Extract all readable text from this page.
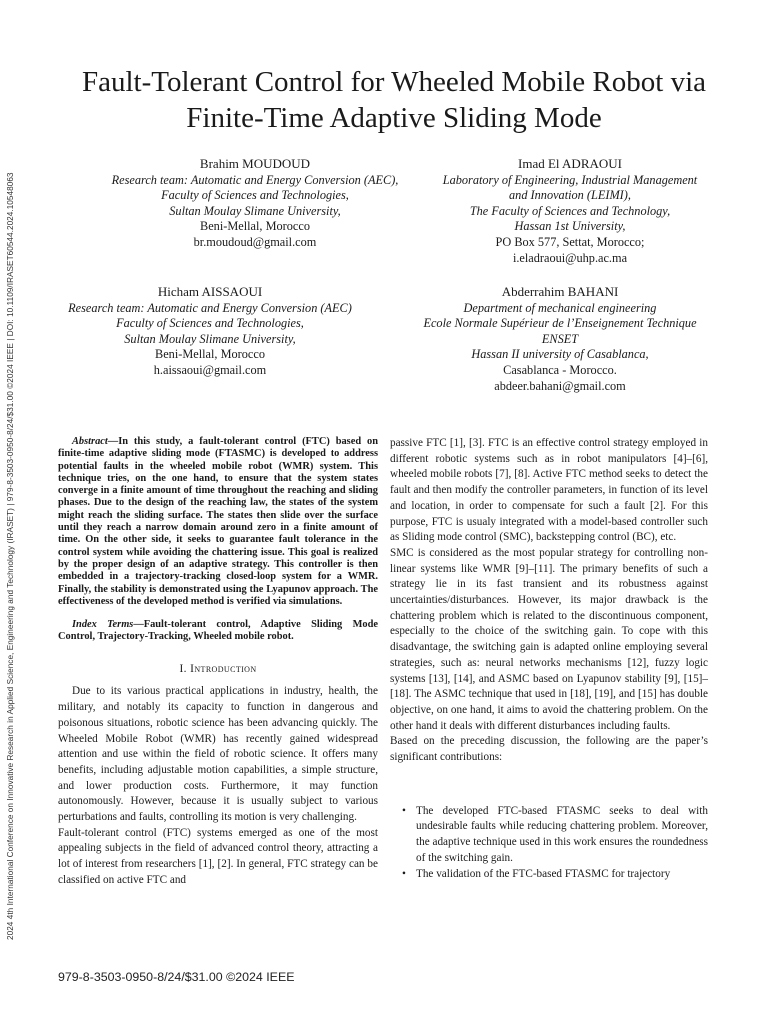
2024 4th International Conference on Innovative Research in Applied Science, Engineering and Technology (IRASET) | 979-8-3503-0950-8/24/$31.00 ©2024 IEEE | DOI: 10.1109/IRASET60544.2024.10548063
Fault-Tolerant Control for Wheeled Mobile Robot via Finite-Time Adaptive Sliding Mode
Brahim MOUDOUD
Research team: Automatic and Energy Conversion (AEC),
Faculty of Sciences and Technologies,
Sultan Moulay Slimane University,
Beni-Mellal, Morocco
br.moudoud@gmail.com
Imad El ADRAOUI
Laboratory of Engineering, Industrial Management
and Innovation (LEIMI),
The Faculty of Sciences and Technology,
Hassan 1st University,
PO Box 577, Settat, Morocco;
i.eladraoui@uhp.ac.ma
Hicham AISSAOUI
Research team: Automatic and Energy Conversion (AEC)
Faculty of Sciences and Technologies,
Sultan Moulay Slimane University,
Beni-Mellal, Morocco
h.aissaoui@gmail.com
Abderrahim BAHANI
Department of mechanical engineering
Ecole Normale Supérieur de l’Enseignement Technique
ENSET
Hassan II university of Casablanca,
Casablanca - Morocco.
abdeer.bahani@gmail.com

Abstract—In this study, a fault-tolerant control (FTC) based on finite-time adaptive sliding mode (FTASMC) is developed to address potential faults in the wheeled mobile robot (WMR) system. This technique tries, on the one hand, to ensure that the system states converge in a finite amount of time throughout the reaching and sliding phases. Due to the design of the reaching law, the states of the system might reach the sliding surface. The states then slide over the surface until they reach a narrow domain around zero in a finite amount of time. On the other side, it seeks to guarantee fault tolerance in the control system while avoiding the chattering issue. This goal is realized by the proper design of an adaptive strategy. This controller is then embedded in a trajectory-tracking closed-loop system for a WMR. Finally, the stability is demonstrated using the Lyapunov approach. The effectiveness of the developed method is verified via simulations.

Index Terms—Fault-tolerant control, Adaptive Sliding Mode Control, Trajectory-Tracking, Wheeled mobile robot.

I. Introduction

Due to its various practical applications in industry, health, the military, and notably its capacity to function in dangerous and poisonous situations, robotic science has been advancing quickly. The Wheeled Mobile Robot (WMR) has recently gained widespread attention and use within the field of robotic science. It offers many benefits, including adjustable motion capabilities, a simple structure, and lower production costs. Furthermore, it may function autonomously. However, because it is usually subject to various perturbations and faults, controlling its motion is very challenging.

Fault-tolerant control (FTC) systems emerged as one of the most appealing subjects in the field of advanced control theory, attracting a lot of interest from researchers [1], [2]. In general, FTC strategy can be classified on active FTC and

passive FTC [1], [3]. FTC is an effective control strategy employed in different robotic systems such as in robot manipulators [4]–[6], wheeled mobile robots [7], [8]. Active FTC method seeks to detect the fault and then modify the controller parameters, in function of its level and location, in order to compensate for such a fault [2]. For this purpose, FTC is usualy integrated with a model-based controller such as Sliding mode control (SMC), backstepping control (BC), etc.

SMC is considered as the most popular strategy for controlling non-linear systems like WMR [9]–[11]. The primary benefits of such a strategy lie in its fast transient and its robustness against uncertainties/disturbances. However, its major drawback is the chattering problem which is related to the discontinuous component, especially to the choice of the switching gain. To cope with this disadvantage, the switching gain is adapted online employing several strategies, such as: neural networks mechanisms [12], fuzzy logic systems [13], [14], and ASMC based on Lyapunov stability [9], [15]–[18]. The ASMC technique that used in [18], [19], and [15] has double objective, on one hand, it aims to avoid the chattering problem. On the other hand it deals with different disturbances including faults.

Based on the preceding discussion, the following are the paper’s significant contributions:

• The developed FTC-based FTASMC seeks to deal with undesirable faults while reducing chattering problem. Moreover, the adaptive technique used in this work ensures the roundedness of the switching gain.
• The validation of the FTC-based FTASMC for trajectory
979-8-3503-0950-8/24/$31.00 ©2024 IEEE
